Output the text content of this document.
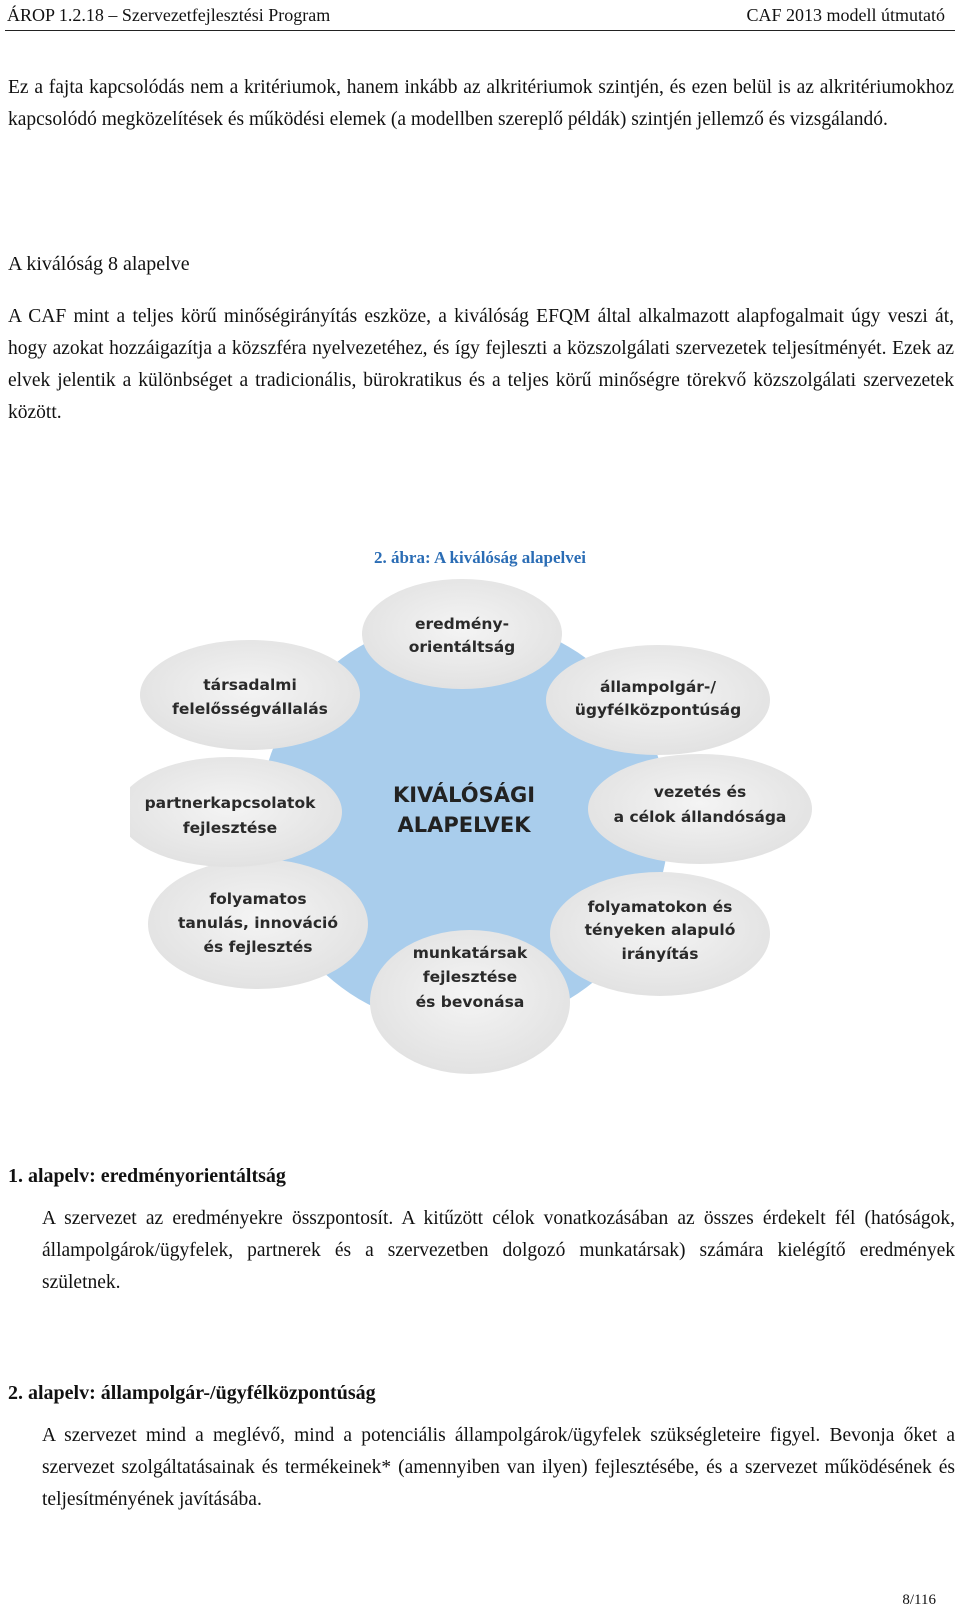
ÁROP 1.2.18 – Szervezetfejlesztési Program	CAF 2013 modell útmutató

Ez a fajta kapcsolódás nem a kritériumok, hanem inkább az alkritériumok szintjén, és ezen belül is az alkritériumokhoz kapcsolódó megközelítések és működési elemek (a modellben szereplő példák) szintjén jellemző és vizsgálandó.

A kiválóság 8 alapelve

A CAF mint a teljes körű minőségirányítás eszköze, a kiválóság EFQM által alkalmazott alapfogalmait úgy veszi át, hogy azokat hozzáigazítja a közszféra nyelvezetéhez, és így fejleszti a közszolgálati szervezetek teljesítményét. Ezek az elvek jelentik a különbséget a tradicionális, bürokratikus és a teljes körű minőségre törekvő közszolgálati szervezetek között.

2. ábra: A kiválóság alapelvei
KIVÁLÓSÁGI
ALAPELVEK
eredmény-
orientáltság
állampolgár-/
ügyfélközpontúság
vezetés és
a célok állandósága
folyamatokon és
tényeken alapuló
irányítás
munkatársak
fejlesztése
és bevonása
folyamatos
tanulás, innováció
és fejlesztés
partnerkapcsolatok
fejlesztése
társadalmi
felelősségvállalás
1. alapelv: eredményorientáltság

A szervezet az eredményekre összpontosít. A kitűzött célok vonatkozásában az összes érdekelt fél (hatóságok, állampolgárok/ügyfelek, partnerek és a szervezetben dolgozó munkatársak) számára kielégítő eredmények születnek.

2. alapelv: állampolgár-/ügyfélközpontúság

A szervezet mind a meglévő, mind a potenciális állampolgárok/ügyfelek szükségleteire figyel. Bevonja őket a szervezet szolgáltatásainak és termékeinek* (amennyiben van ilyen) fejlesztésébe, és a szervezet működésének és teljesítményének javításába.

8/116
